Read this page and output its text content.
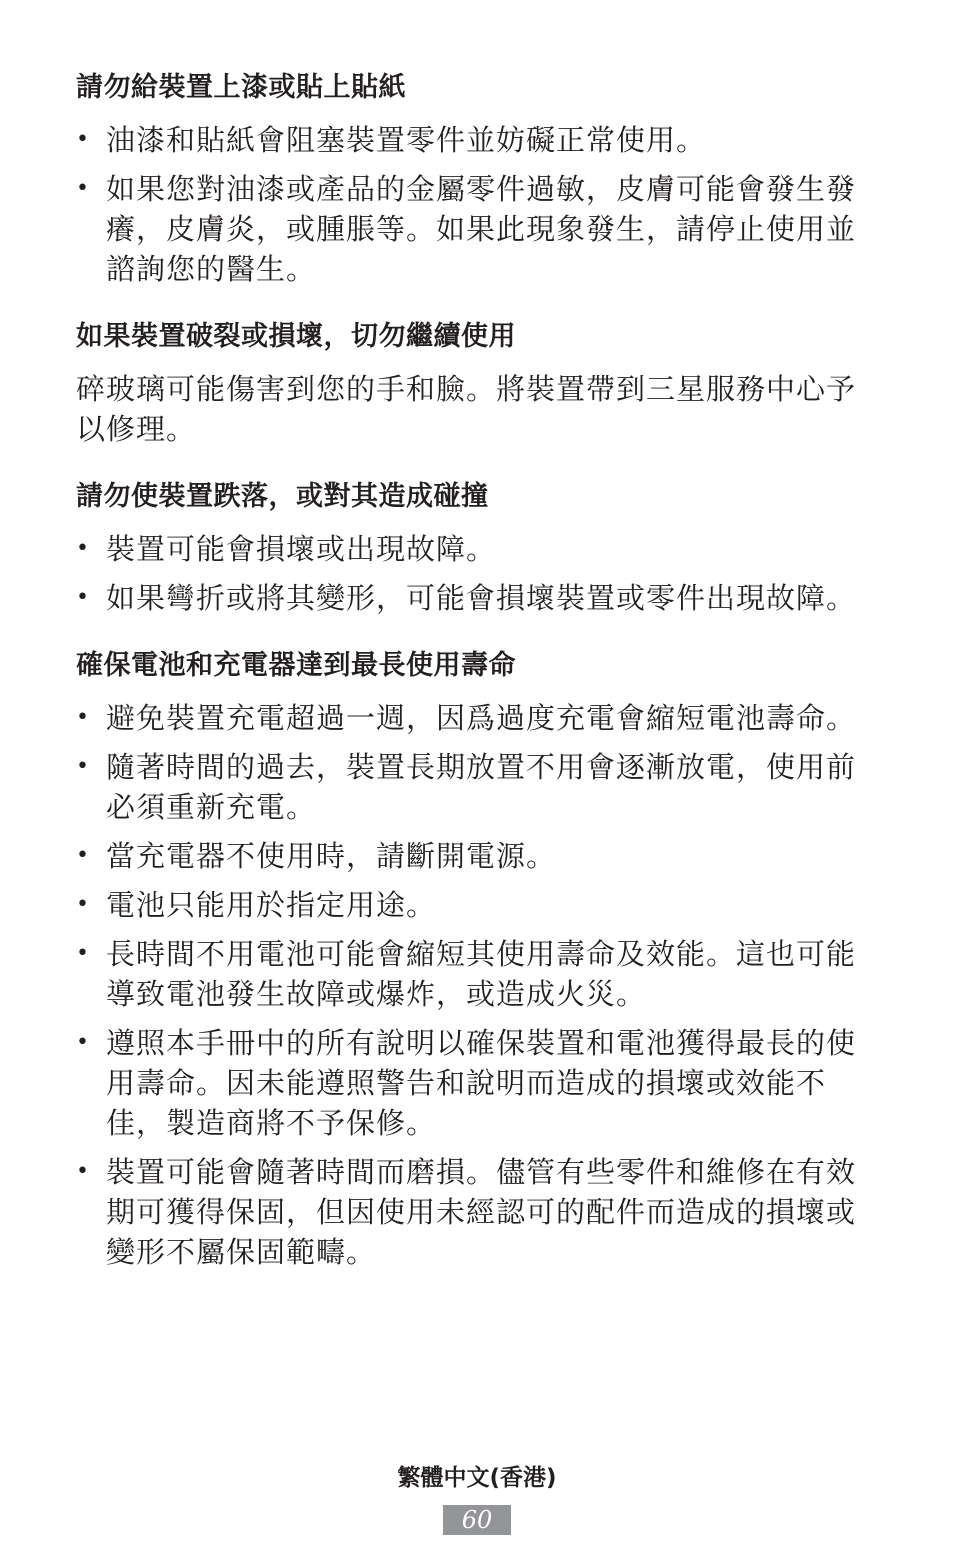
請勿給裝置上漆或貼上貼紙
• 油漆和貼紙會阻塞裝置零件並妨礙正常使用。
• 如果您對油漆或產品的金屬零件過敏，皮膚可能會發生發癢，皮膚炎，或腫脹等。如果此現象發生，請停止使用並諮詢您的醫生。
如果裝置破裂或損壞，切勿繼續使用

碎玻璃可能傷害到您的手和臉。將裝置帶到三星服務中心予以修理。

請勿使裝置跌落，或對其造成碰撞
• 裝置可能會損壞或出現故障。
• 如果彎折或將其變形，可能會損壞裝置或零件出現故障。
確保電池和充電器達到最長使用壽命
• 避免裝置充電超過一週，因爲過度充電會縮短電池壽命。
• 隨著時間的過去，裝置長期放置不用會逐漸放電，使用前必須重新充電。
• 當充電器不使用時，請斷開電源。
• 電池只能用於指定用途。
• 長時間不用電池可能會縮短其使用壽命及效能。這也可能導致電池發生故障或爆炸，或造成火災。
• 遵照本手冊中的所有說明以確保裝置和電池獲得最長的使用壽命。因未能遵照警告和說明而造成的損壞或效能不佳，製造商將不予保修。
• 裝置可能會隨著時間而磨損。儘管有些零件和維修在有效期可獲得保固，但因使用未經認可的配件而造成的損壞或變形不屬保固範疇。
繁體中文(香港)
60
